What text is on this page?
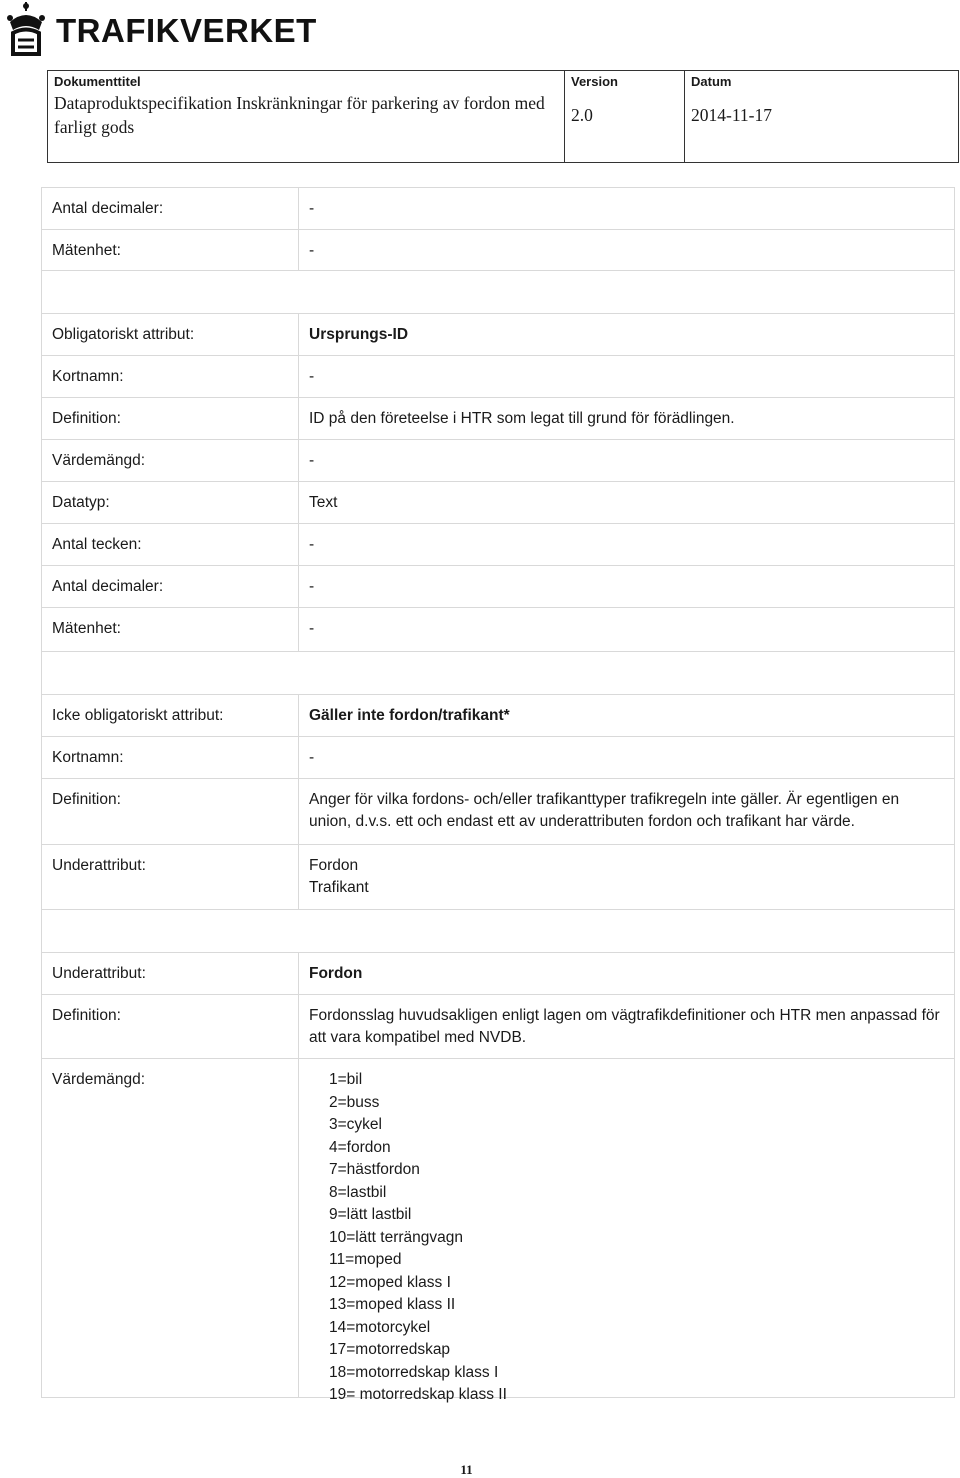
TRAFIKVERKET
Dokumenttitel
Dataproduktspecifikation Inskränkningar för parkering av fordon med farligt gods
Version
2.0
Datum
2014-11-17
Antal decimaler:	-
Mätenhet:	-
Obligatoriskt attribut:	Ursprungs-ID
Kortnamn:	-
Definition:	ID på den företeelse i HTR som legat till grund för förädlingen.
Värdemängd:	-
Datatyp:	Text
Antal tecken:	-
Antal decimaler:	-
Mätenhet:	-
Icke obligatoriskt attribut:	Gäller inte fordon/trafikant*
Kortnamn:	-
Definition:	Anger för vilka fordons- och/eller trafikanttyper trafikregeln inte gäller. Är egentligen en union, d.v.s. ett och endast ett av underattributen fordon och trafikant har värde.
Underattribut:	Fordon
Trafikant
Underattribut:	Fordon
Definition:	Fordonsslag huvudsakligen enligt lagen om vägtrafikdefinitioner och HTR men anpassad för att vara kompatibel med NVDB.
Värdemängd:	1=bil
2=buss
3=cykel
4=fordon
7=hästfordon
8=lastbil
9=lätt lastbil
10=lätt terrängvagn
11=moped
12=moped klass I
13=moped klass II
14=motorcykel
17=motorredskap
18=motorredskap klass I
19= motorredskap klass II
11
